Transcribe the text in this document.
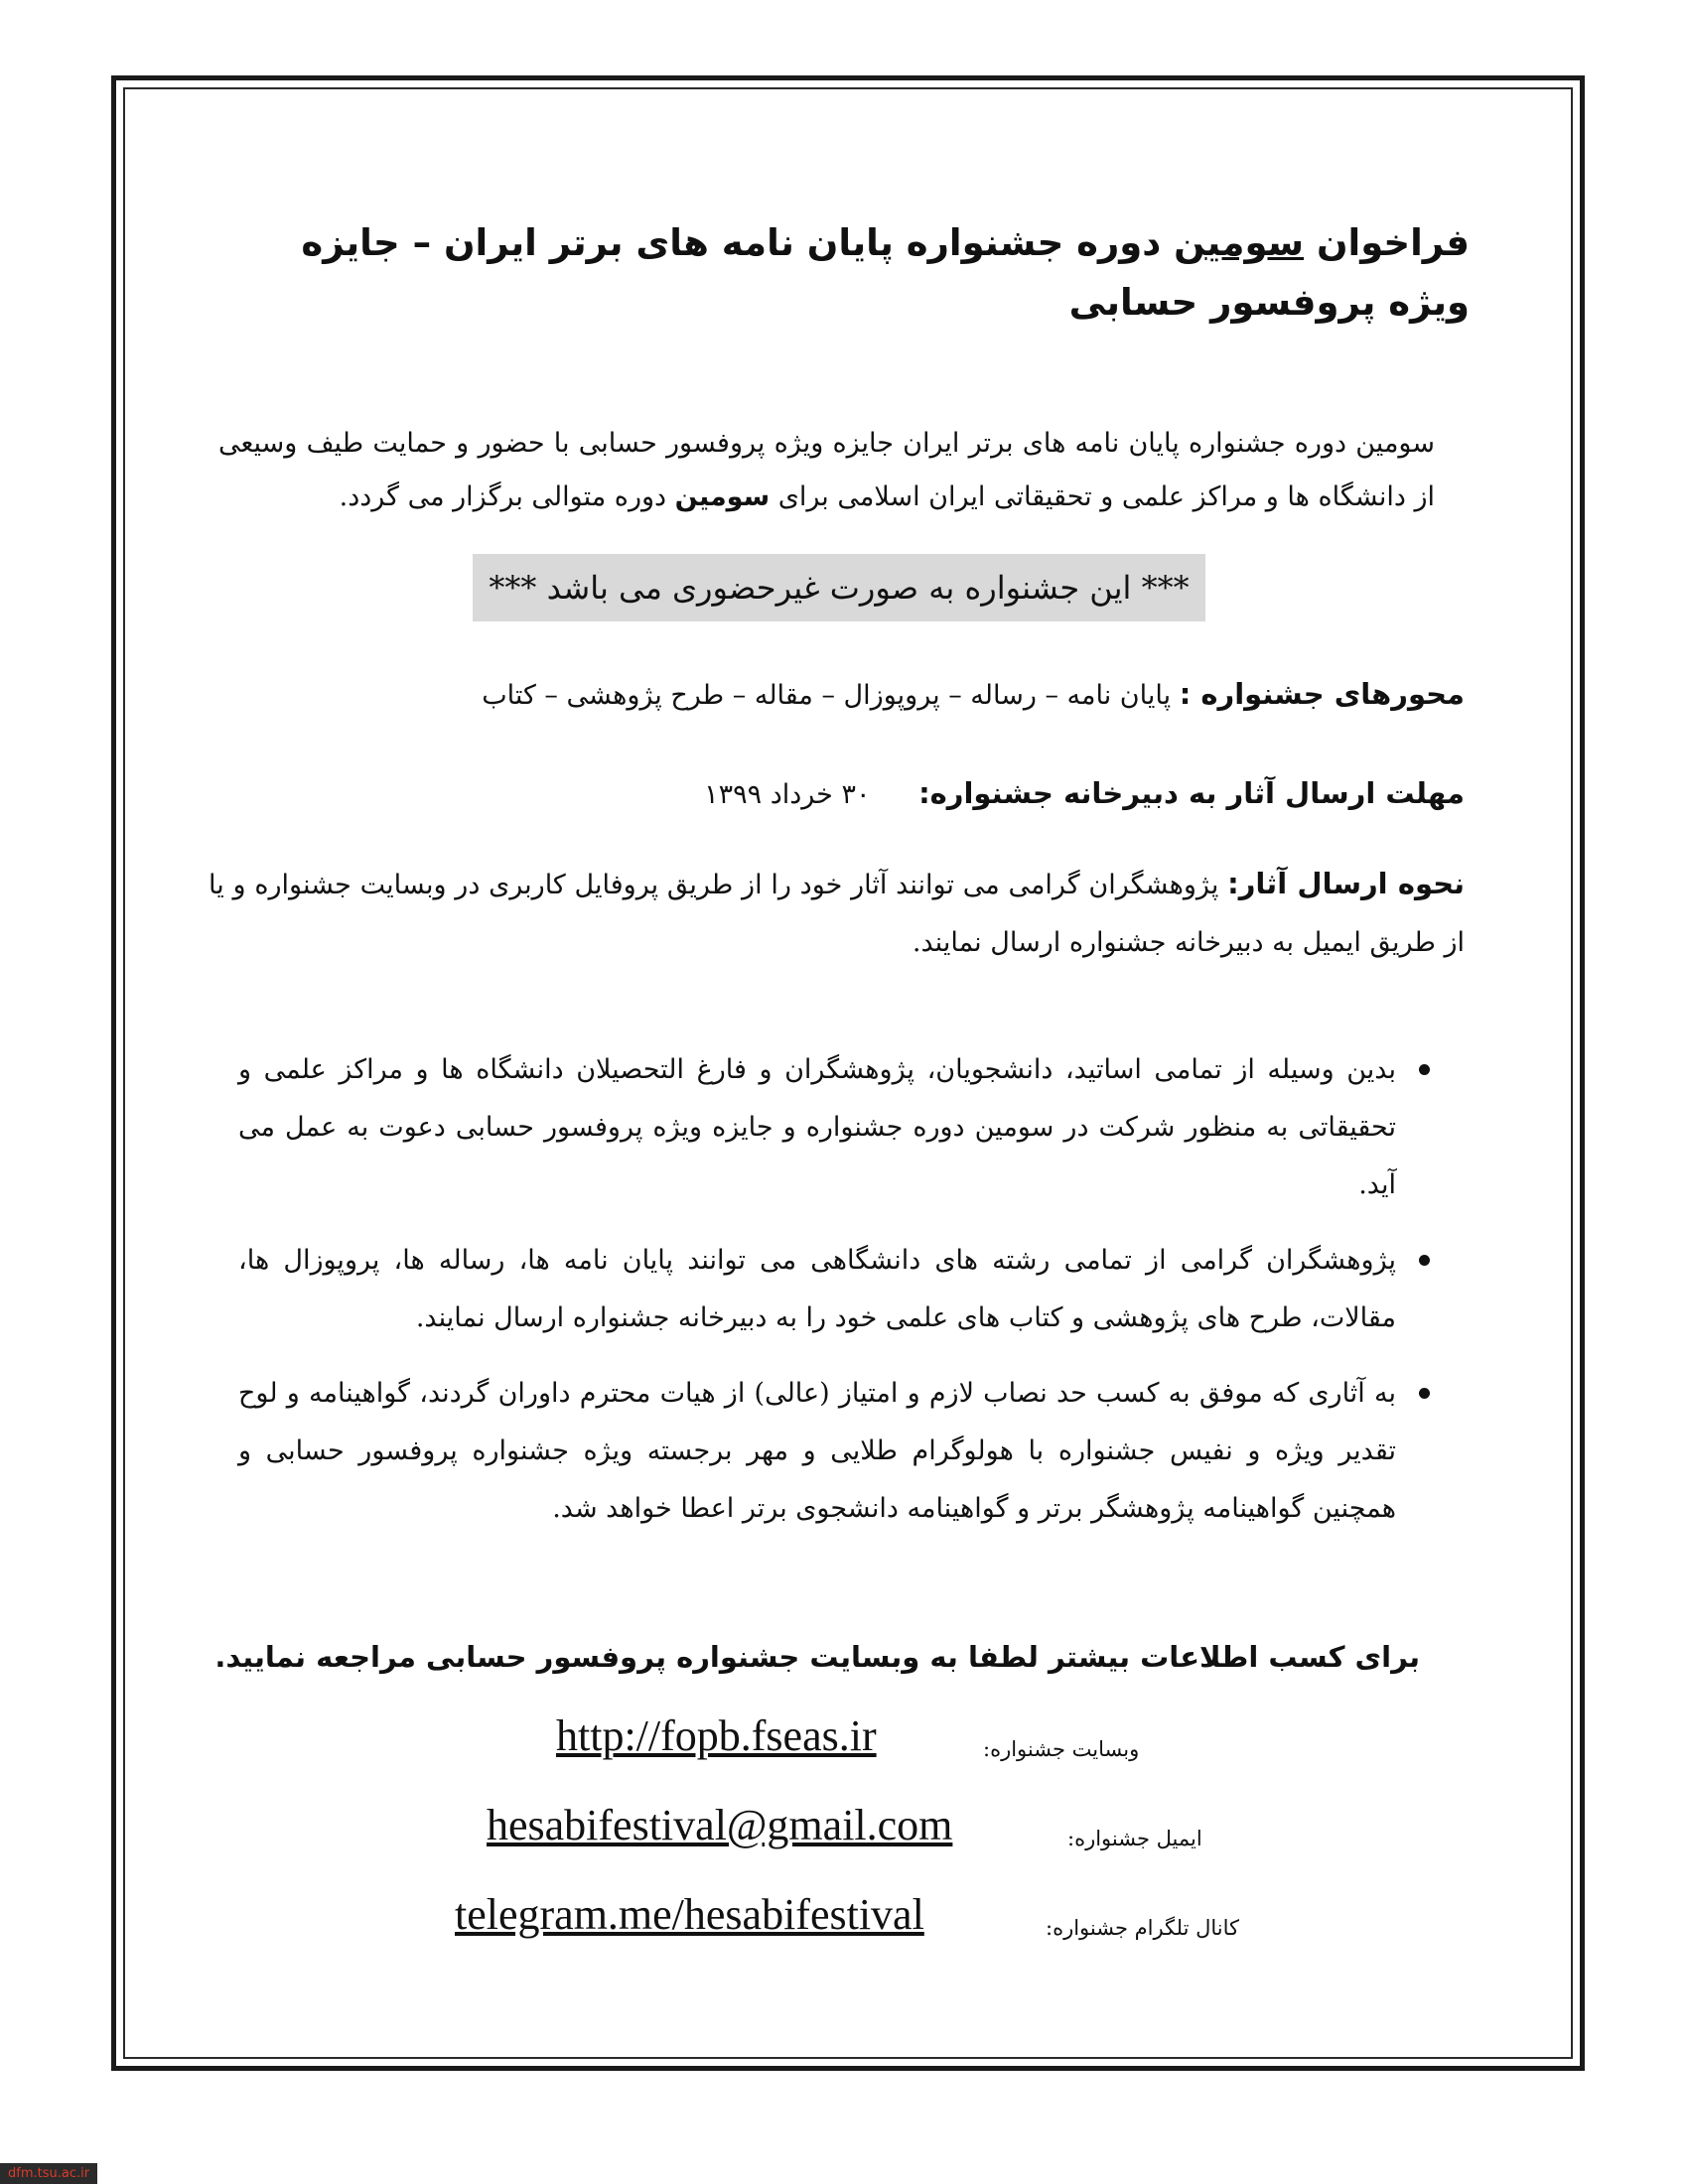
فراخوان سومین دوره جشنواره پایان نامه های برتر ایران – جایزه ویژه پروفسور حسابی
سومین دوره جشنواره پایان نامه های برتر ایران جایزه ویژه پروفسور حسابی با حضور و حمایت طیف وسیعی از دانشگاه ها و مراکز علمی و تحقیقاتی ایران اسلامی برای سومین دوره متوالی برگزار می گردد.
*** این جشنواره به صورت غیرحضوری می باشد ***
محورهای جشنواره : پایان نامه – رساله – پروپوزال – مقاله – طرح پژوهشی – کتاب
مهلت ارسال آثار به دبیرخانه جشنواره: ۳۰ خرداد ۱۳۹۹
نحوه ارسال آثار: پژوهشگران گرامی می توانند آثار خود را از طریق پروفایل کاربری در وبسایت جشنواره و یا از طریق ایمیل به دبیرخانه جشنواره ارسال نمایند.
بدین وسیله از تمامی اساتید، دانشجویان، پژوهشگران و فارغ التحصیلان دانشگاه ها و مراکز علمی و تحقیقاتی به منظور شرکت در سومین دوره جشنواره و جایزه ویژه پروفسور حسابی دعوت به عمل می آید.
پژوهشگران گرامی از تمامی رشته های دانشگاهی می توانند پایان نامه ها، رساله ها، پروپوزال ها، مقالات، طرح های پژوهشی و کتاب های علمی خود را به دبیرخانه جشنواره ارسال نمایند.
به آثاری که موفق به کسب حد نصاب لازم و امتیاز (عالی) از هیات محترم داوران گردند، گواهینامه و لوح تقدیر ویژه و نفیس جشنواره با هولوگرام طلایی و مهر برجسته ویژه جشنواره پروفسور حسابی و همچنین گواهینامه پژوهشگر برتر و گواهینامه دانشجوی برتر اعطا خواهد شد.
برای کسب اطلاعات بیشتر لطفا به وبسایت جشنواره پروفسور حسابی مراجعه نمایید.
http://fopb.fseas.ir	وبسایت جشنواره:
hesabifestival@gmail.com	ایمیل جشنواره:
telegram.me/hesabifestival	کانال تلگرام جشنواره:
dfm.tsu.ac.ir
